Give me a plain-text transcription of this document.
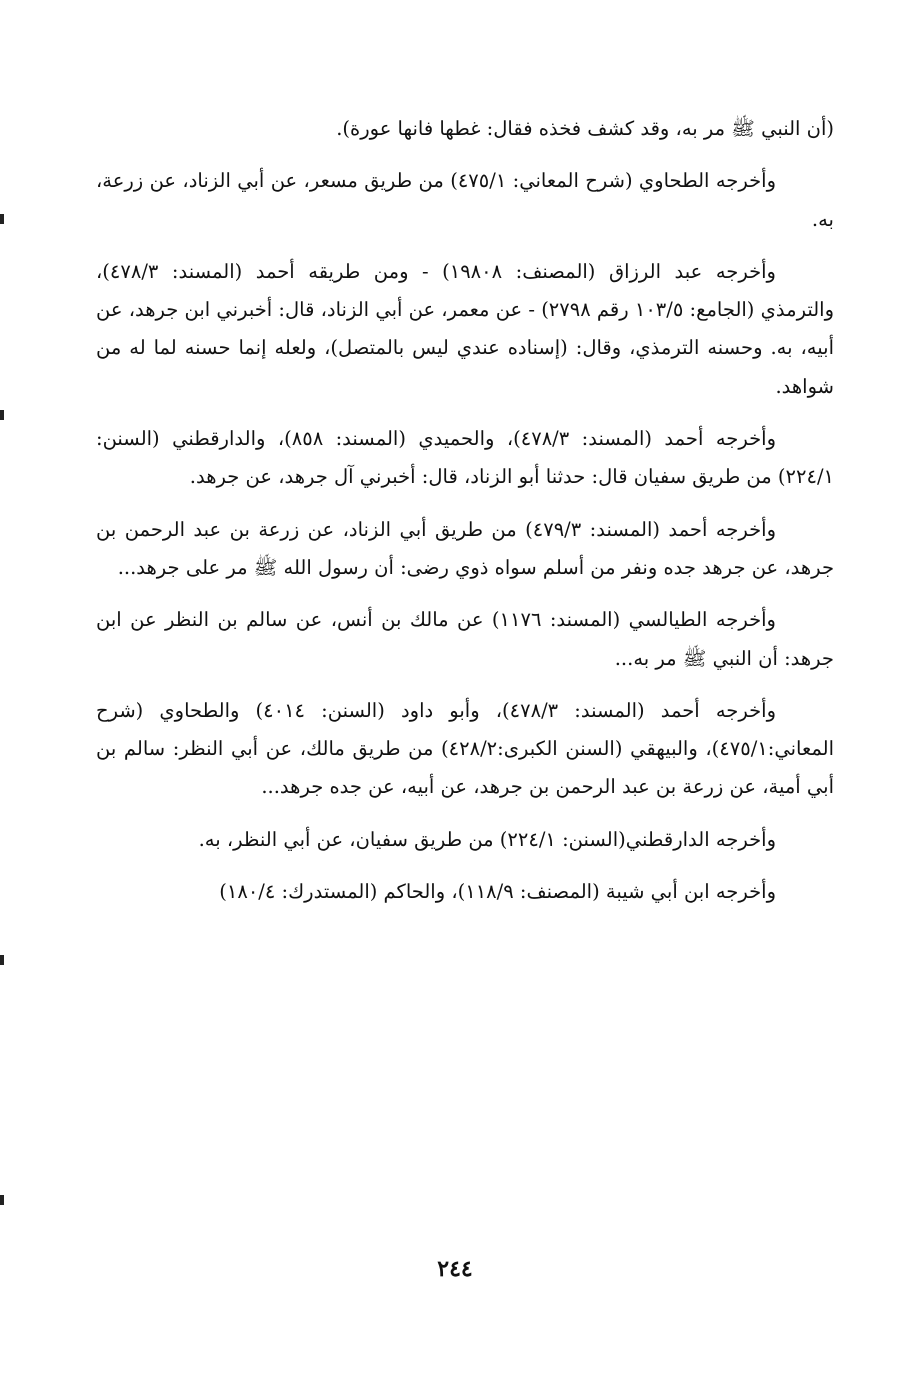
(أن النبي ﷺ مر به، وقد كشف فخذه فقال: غطها فانها عورة).

وأخرجه الطحاوي (شرح المعاني: ٤٧٥/١) من طريق مسعر، عن أبي الزناد، عن زرعة، به.

وأخرجه عبد الرزاق (المصنف: ١٩٨٠٨) - ومن طريقه أحمد (المسند: ٤٧٨/٣)، والترمذي (الجامع: ١٠٣/٥ رقم ٢٧٩٨) - عن معمر، عن أبي الزناد، قال: أخبرني ابن جرهد، عن أبيه، به. وحسنه الترمذي، وقال: (إسناده عندي ليس بالمتصل)، ولعله إنما حسنه لما له من شواهد.

وأخرجه أحمد (المسند: ٤٧٨/٣)، والحميدي (المسند: ٨٥٨)، والدارقطني (السنن: ٢٢٤/١) من طريق سفيان قال: حدثنا أبو الزناد، قال: أخبرني آل جرهد، عن جرهد.

وأخرجه أحمد (المسند: ٤٧٩/٣) من طريق أبي الزناد، عن زرعة بن عبد الرحمن بن جرهد، عن جرهد جده ونفر من أسلم سواه ذوي رضى: أن رسول الله ﷺ مر على جرهد...

وأخرجه الطيالسي (المسند: ١١٧٦) عن مالك بن أنس، عن سالم بن النظر عن ابن جرهد: أن النبي ﷺ مر به...

وأخرجه أحمد (المسند: ٤٧٨/٣)، وأبو داود (السنن: ٤٠١٤) والطحاوي (شرح المعاني:٤٧٥/١)، والبيهقي (السنن الكبرى:٤٢٨/٢) من طريق مالك، عن أبي النظر: سالم بن أبي أمية، عن زرعة بن عبد الرحمن بن جرهد، عن أبيه، عن جده جرهد...

وأخرجه الدارقطني(السنن: ٢٢٤/١) من طريق سفيان، عن أبي النظر، به.

وأخرجه ابن أبي شيبة (المصنف: ١١٨/٩)، والحاكم (المستدرك: ١٨٠/٤)

٢٤٤
